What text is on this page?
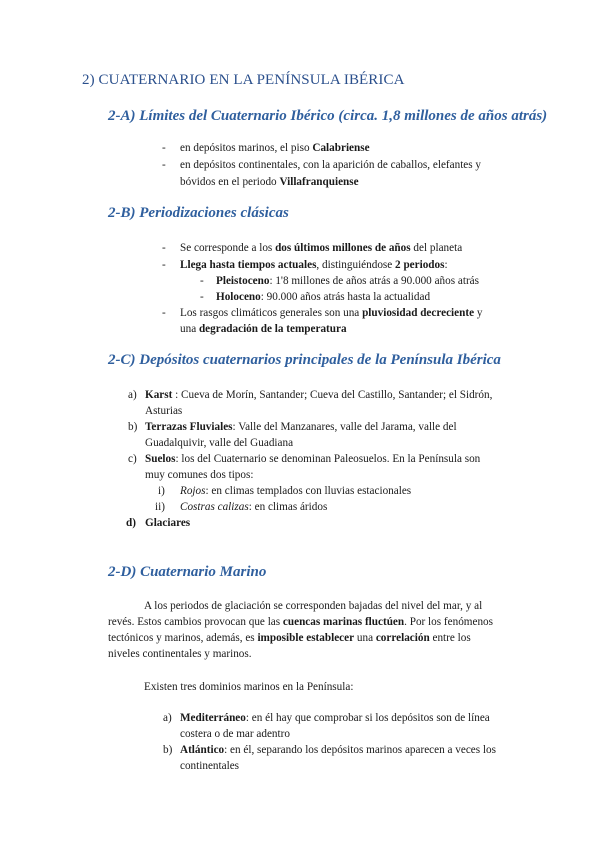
2) CUATERNARIO EN LA PENÍNSULA IBÉRICA
2-A) Límites del Cuaternario Ibérico (circa. 1,8 millones de años atrás)
- en depósitos marinos, el piso Calabriense
- en depósitos continentales, con la aparición de caballos, elefantes y
bóvidos en el periodo Villafranquiense
2-B) Periodizaciones clásicas
- Se corresponde a los dos últimos millones de años del planeta
- Llega hasta tiempos actuales, distinguiéndose 2 periodos:
- Pleistoceno: 1'8 millones de años atrás a 90.000 años atrás
- Holoceno: 90.000 años atrás hasta la actualidad
- Los rasgos climáticos generales son una pluviosidad decreciente y
una degradación de la temperatura
2-C) Depósitos cuaternarios principales de la Península Ibérica
a) Karst : Cueva de Morín, Santander; Cueva del Castillo, Santander; el Sidrón,
Asturias
b) Terrazas Fluviales: Valle del Manzanares, valle del Jarama, valle del
Guadalquivir, valle del Guadiana
c) Suelos: los del Cuaternario se denominan Paleosuelos. En la Península son
muy comunes dos tipos:
i) Rojos: en climas templados con lluvias estacionales
ii) Costras calizas: en climas áridos
d) Glaciares
2-D) Cuaternario Marino
A los periodos de glaciación se corresponden bajadas del nivel del mar, y al
revés. Estos cambios provocan que las cuencas marinas fluctúen. Por los fenómenos
tectónicos y marinos, además, es imposible establecer una correlación entre los
niveles continentales y marinos.
Existen tres dominios marinos en la Península:
a) Mediterráneo: en él hay que comprobar si los depósitos son de línea
costera o de mar adentro
b) Atlántico: en él, separando los depósitos marinos aparecen a veces los
continentales
